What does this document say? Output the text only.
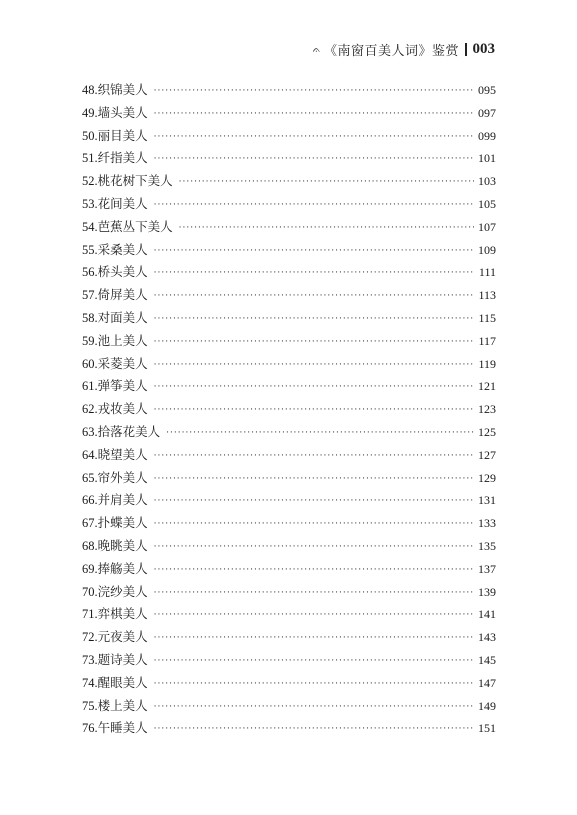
ᨊ 《南窗百美人词》鉴赏 003
48. 织锦美人 ·····	095
49. 墙头美人 ·····	097
50. 丽目美人 ·····	099
51. 纤指美人 ·····	101
52. 桃花树下美人 ·····	103
53. 花间美人 ·····	105
54. 芭蕉丛下美人 ·····	107
55. 采桑美人 ·····	109
56. 桥头美人 ·····	111
57. 倚屏美人 ·····	113
58. 对面美人 ·····	115
59. 池上美人 ·····	117
60. 采菱美人 ·····	119
61. 弹筝美人 ·····	121
62. 戎妆美人 ·····	123
63. 拾落花美人 ·····	125
64. 晓望美人 ·····	127
65. 帘外美人 ·····	129
66. 并肩美人 ·····	131
67. 扑蝶美人 ·····	133
68. 晚眺美人 ·····	135
69. 捧觞美人 ·····	137
70. 浣纱美人 ·····	139
71. 弈棋美人 ·····	141
72. 元夜美人 ·····	143
73. 题诗美人 ·····	145
74. 醒眼美人 ·····	147
75. 楼上美人 ·····	149
76. 午睡美人 ·····	151
